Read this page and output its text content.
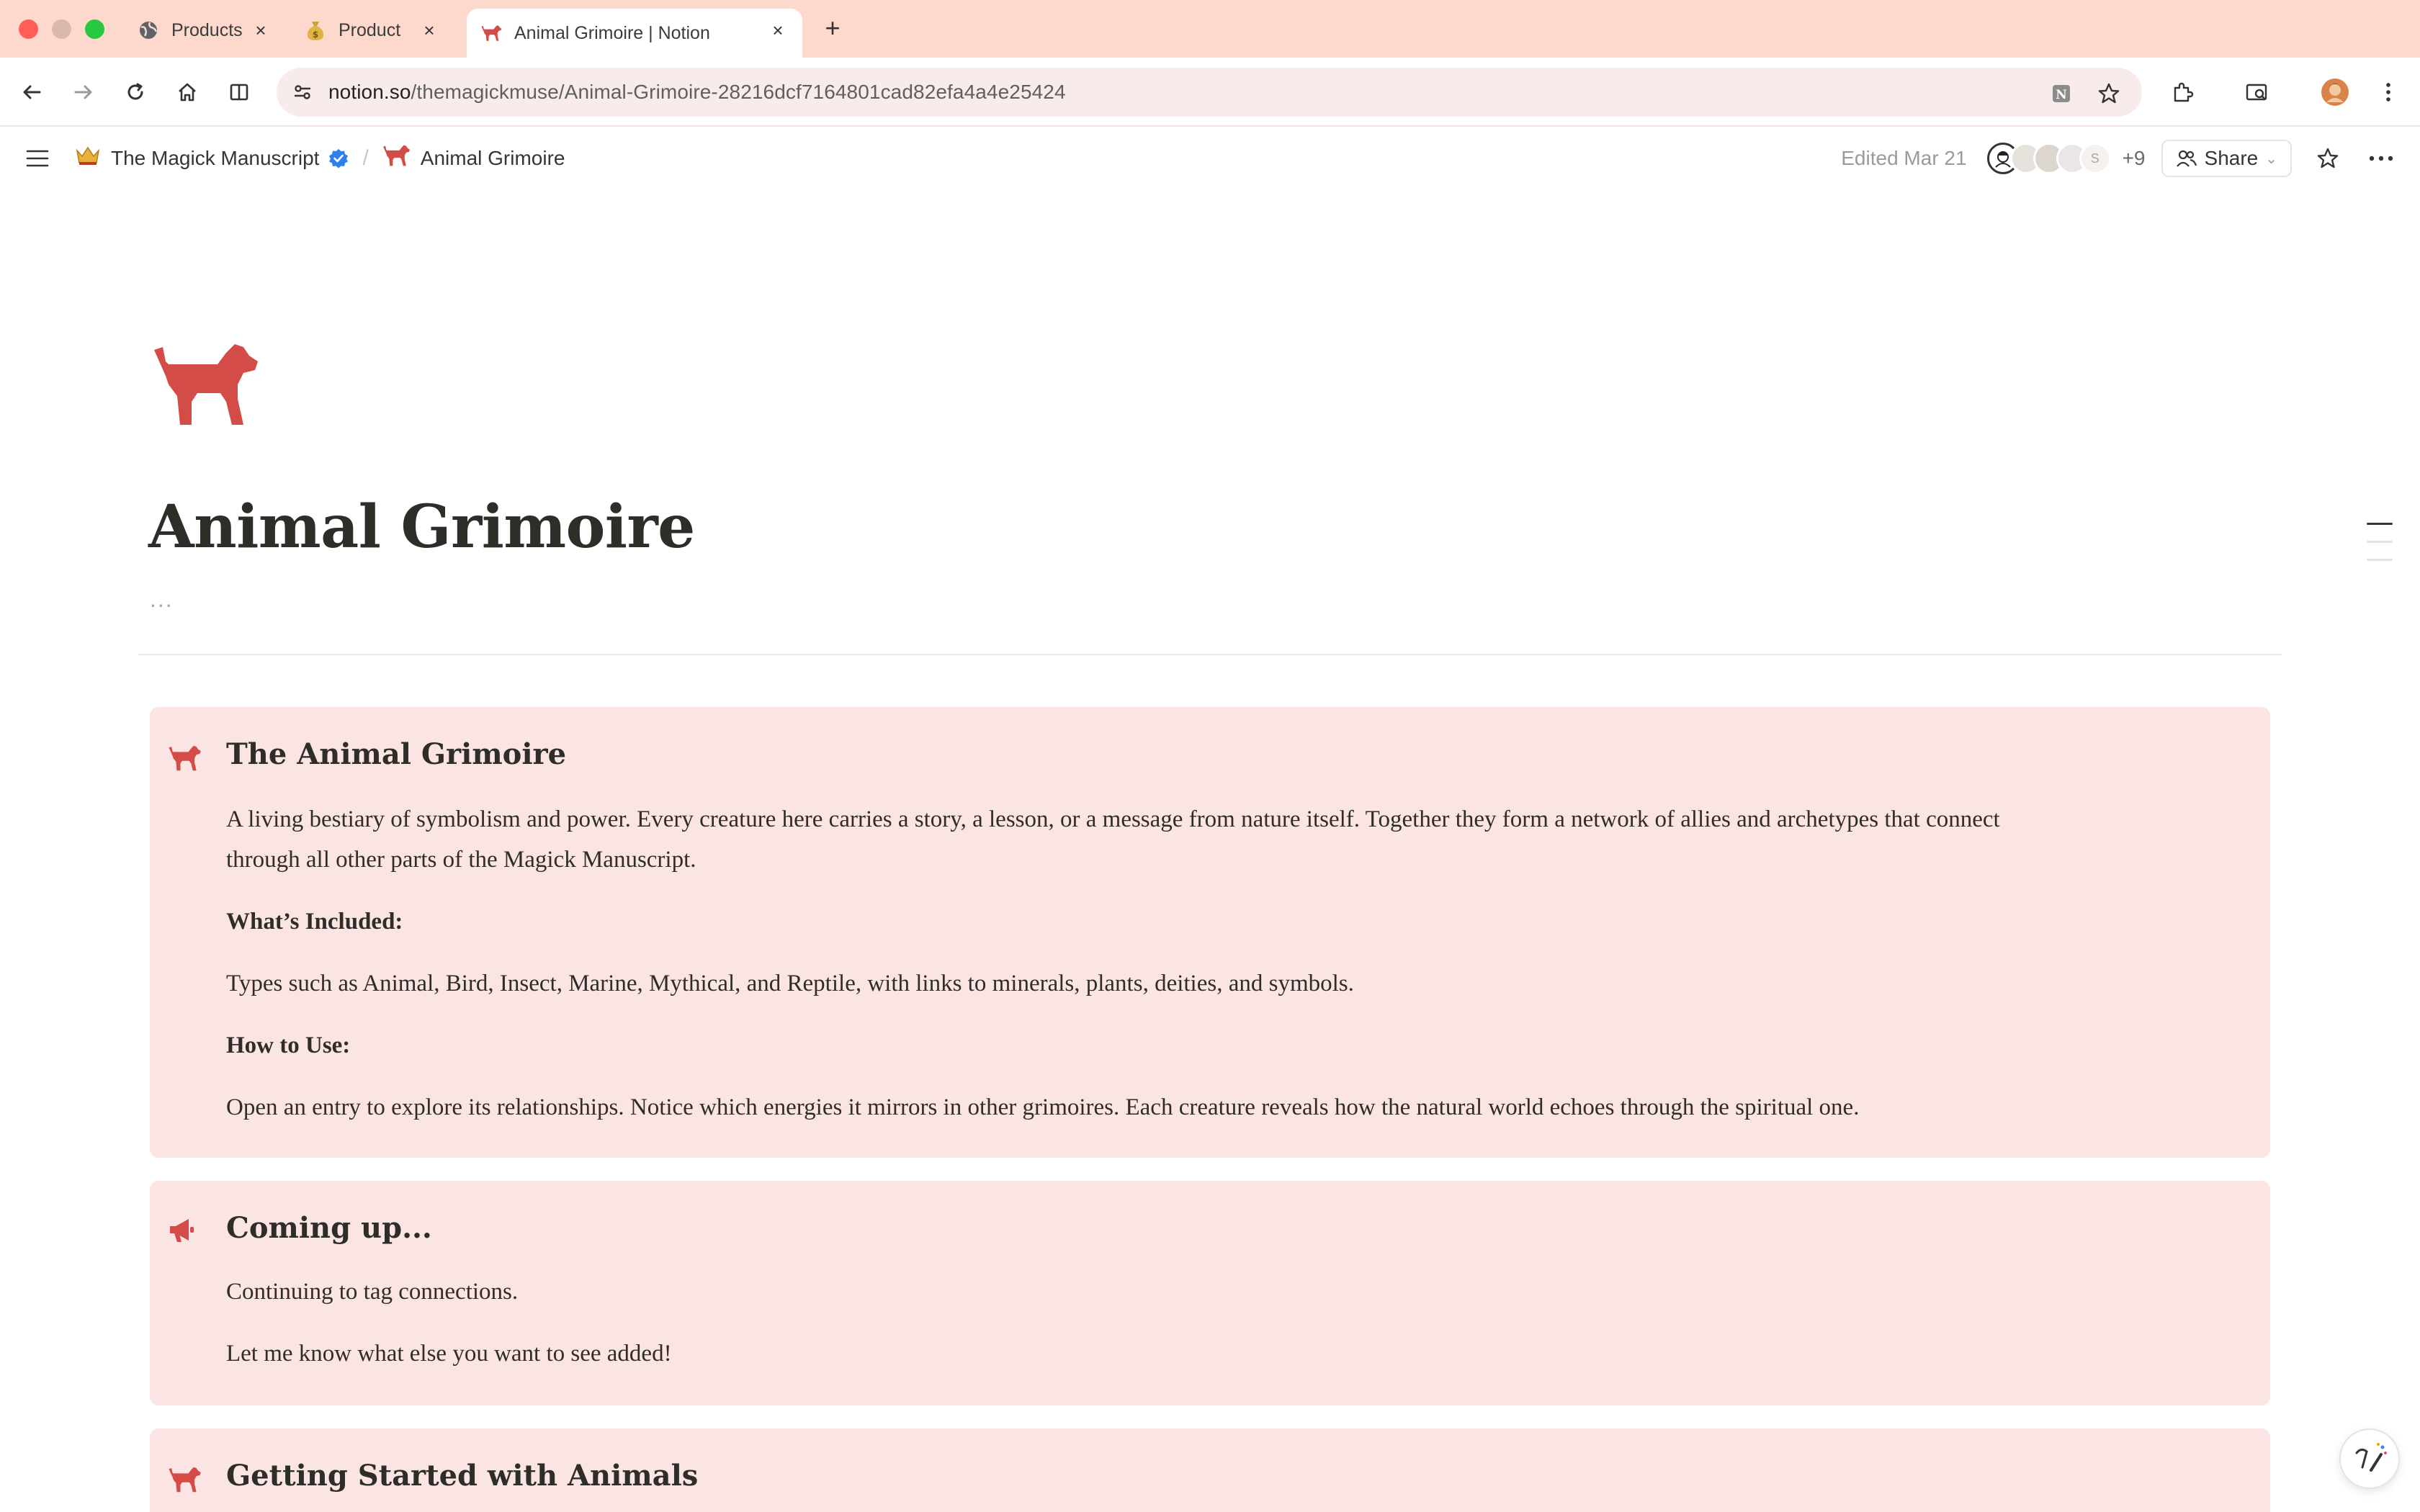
Products ×	$ Product ×	Animal Grimoire | Notion	× +
notion.so/themagickmuse/Animal-Grimoire-28216dcf7164801cad82efa4a4e25424	N
The Magick Manuscript /	Animal Grimoire	Edited Mar 21	S	+9	Share ⌄
Animal Grimoire
...
The Animal Grimoire

A living bestiary of symbolism and power. Every creature here carries a story, a lesson, or a message from nature itself. Together they form a network of allies and archetypes that connect

through all other parts of the Magick Manuscript.

What’s Included:

Types such as Animal, Bird, Insect, Marine, Mythical, and Reptile, with links to minerals, plants, deities, and symbols.

How to Use:

Open an entry to explore its relationships. Notice which energies it mirrors in other grimoires. Each creature reveals how the natural world echoes through the spiritual one.

Coming up...

Continuing to tag connections.

Let me know what else you want to see added!

Getting Started with Animals
